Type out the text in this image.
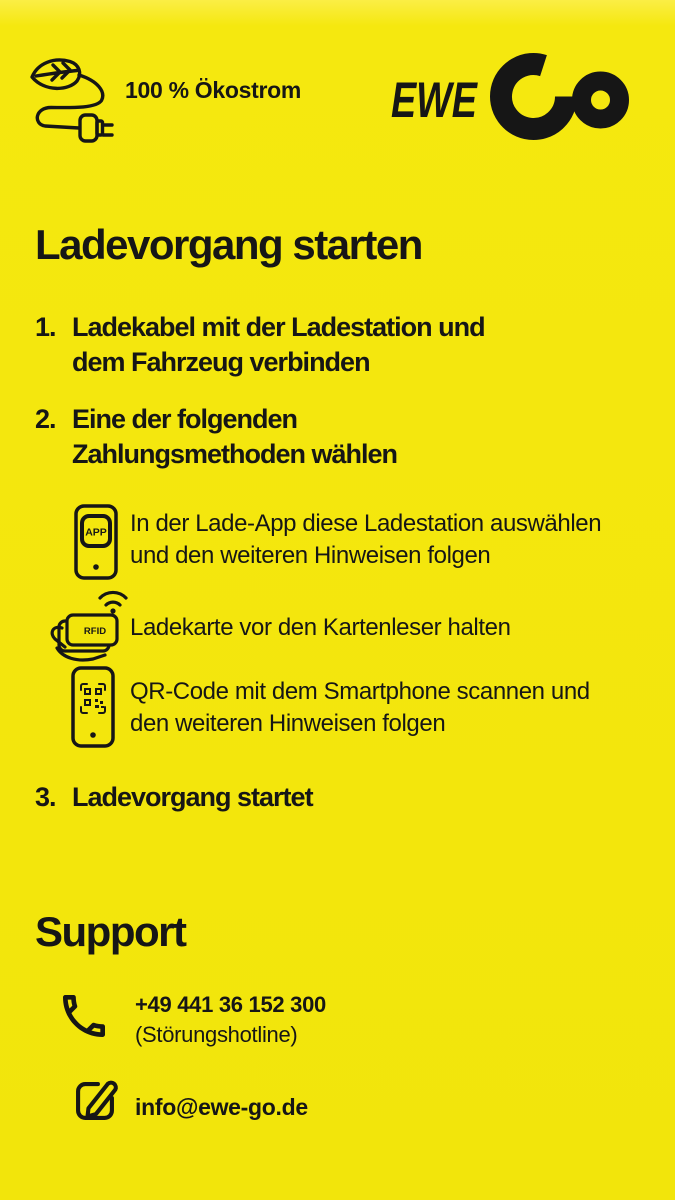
100 % Ökostrom EWE
Ladevorgang starten
1. Ladekabel mit der Ladestation und
dem Fahrzeug verbinden
2. Eine der folgenden
Zahlungsmethoden wählen
APP In der Lade-App diese Ladestation auswählen
und den weiteren Hinweisen folgen
RFID Ladekarte vor den Kartenleser halten
QR-Code mit dem Smartphone scannen und
den weiteren Hinweisen folgen
3. Ladevorgang startet
Support
+49 441 36 152 300
(Störungshotline)
info@ewe-go.de
